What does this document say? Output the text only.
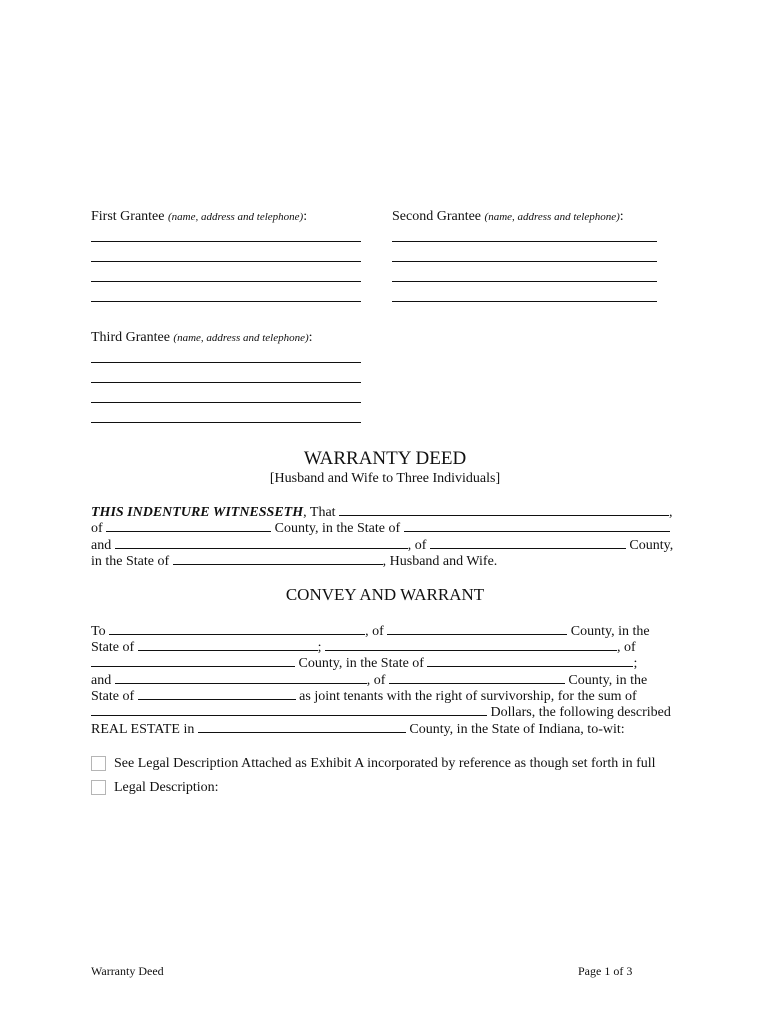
First Grantee (name, address and telephone):	Second Grantee (name, address and telephone):
Third Grantee (name, address and telephone):
WARRANTY DEED
[Husband and Wife to Three Individuals]
THIS INDENTURE WITNESSETH, That	,
of	County, in the State of
and	, of	County,
in the State of	, Husband and Wife.
CONVEY AND WARRANT
To	, of	County, in the
State of	;	, of
County, in the State of	;
and	, of	County, in the
State of	as joint tenants with the right of survivorship, for the sum of
Dollars, the following described
REAL ESTATE in	County, in the State of Indiana, to-wit:
See Legal Description Attached as Exhibit A incorporated by reference as though set forth in full
Legal Description:
Warranty Deed	Page 1 of 3
